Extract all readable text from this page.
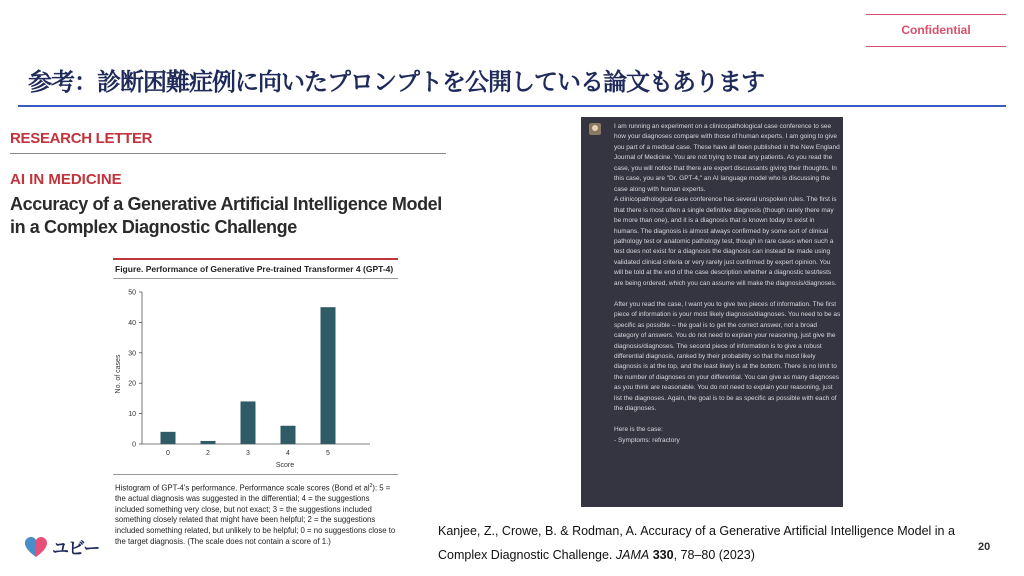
Confidential
参考：診断困難症例に向いたプロンプトを公開している論文もあります
RESEARCH LETTER
AI IN MEDICINE
Accuracy of a Generative Artificial Intelligence Model in a Complex Diagnostic Challenge
Figure. Performance of Generative Pre-trained Transformer 4 (GPT-4)
No. of cases
Score
0
10
20
30
40
50
0	2	3	4	5
Histogram of GPT-4's performance. Performance scale scores (Bond et $al^2$): 5 = the actual diagnosis was suggested in the differential; 4 = the suggestions included something very close, but not exact; 3 = the suggestions included something closely related that might have been helpful; 2 = the suggestions included something related, but unlikely to be helpful; 0 = no suggestions close to the target diagnosis. (The scale does not contain a score of 1.)

I am running an experiment on a clinicopathological case conference to see how your diagnoses compare with those of human experts. I am going to give you part of a medical case. These have all been published in the New England Journal of Medicine. You are not trying to treat any patients. As you read the case, you will notice that there are expert discussants giving their thoughts. In this case, you are "Dr. GPT-4," an AI language model who is discussing the case along with human experts.
A clinicopathological case conference has several unspoken rules. The first is that there is most often a single definitive diagnosis (though rarely there may be more than one), and it is a diagnosis that is known today to exist in humans. The diagnosis is almost always confirmed by some sort of clinical pathology test or anatomic pathology test, though in rare cases when such a test does not exist for a diagnosis the diagnosis can instead be made using validated clinical criteria or very rarely just confirmed by expert opinion. You will be told at the end of the case description whether a diagnostic test/tests are being ordered, which you can assume will make the diagnosis/diagnoses.

After you read the case, I want you to give two pieces of information. The first piece of information is your most likely diagnosis/diagnoses. You need to be as specific as possible -- the goal is to get the correct answer, not a broad category of answers. You do not need to explain your reasoning, just give the diagnosis/diagnoses. The second piece of information is to give a robust differential diagnosis, ranked by their probability so that the most likely diagnosis is at the top, and the least likely is at the bottom. There is no limit to the number of diagnoses on your differential. You can give as many diagnoses as you think are reasonable. You do not need to explain your reasoning, just list the diagnoses. Again, the goal is to be as specific as possible with each of the diagnoses.

Here is the case:
- Symptoms: refractory

Kanjee, Z., Crowe, B. & Rodman, A. Accuracy of a Generative Artificial Intelligence Model in a Complex Diagnostic Challenge. JAMA 330, 78–80 (2023)
20
ユビー
